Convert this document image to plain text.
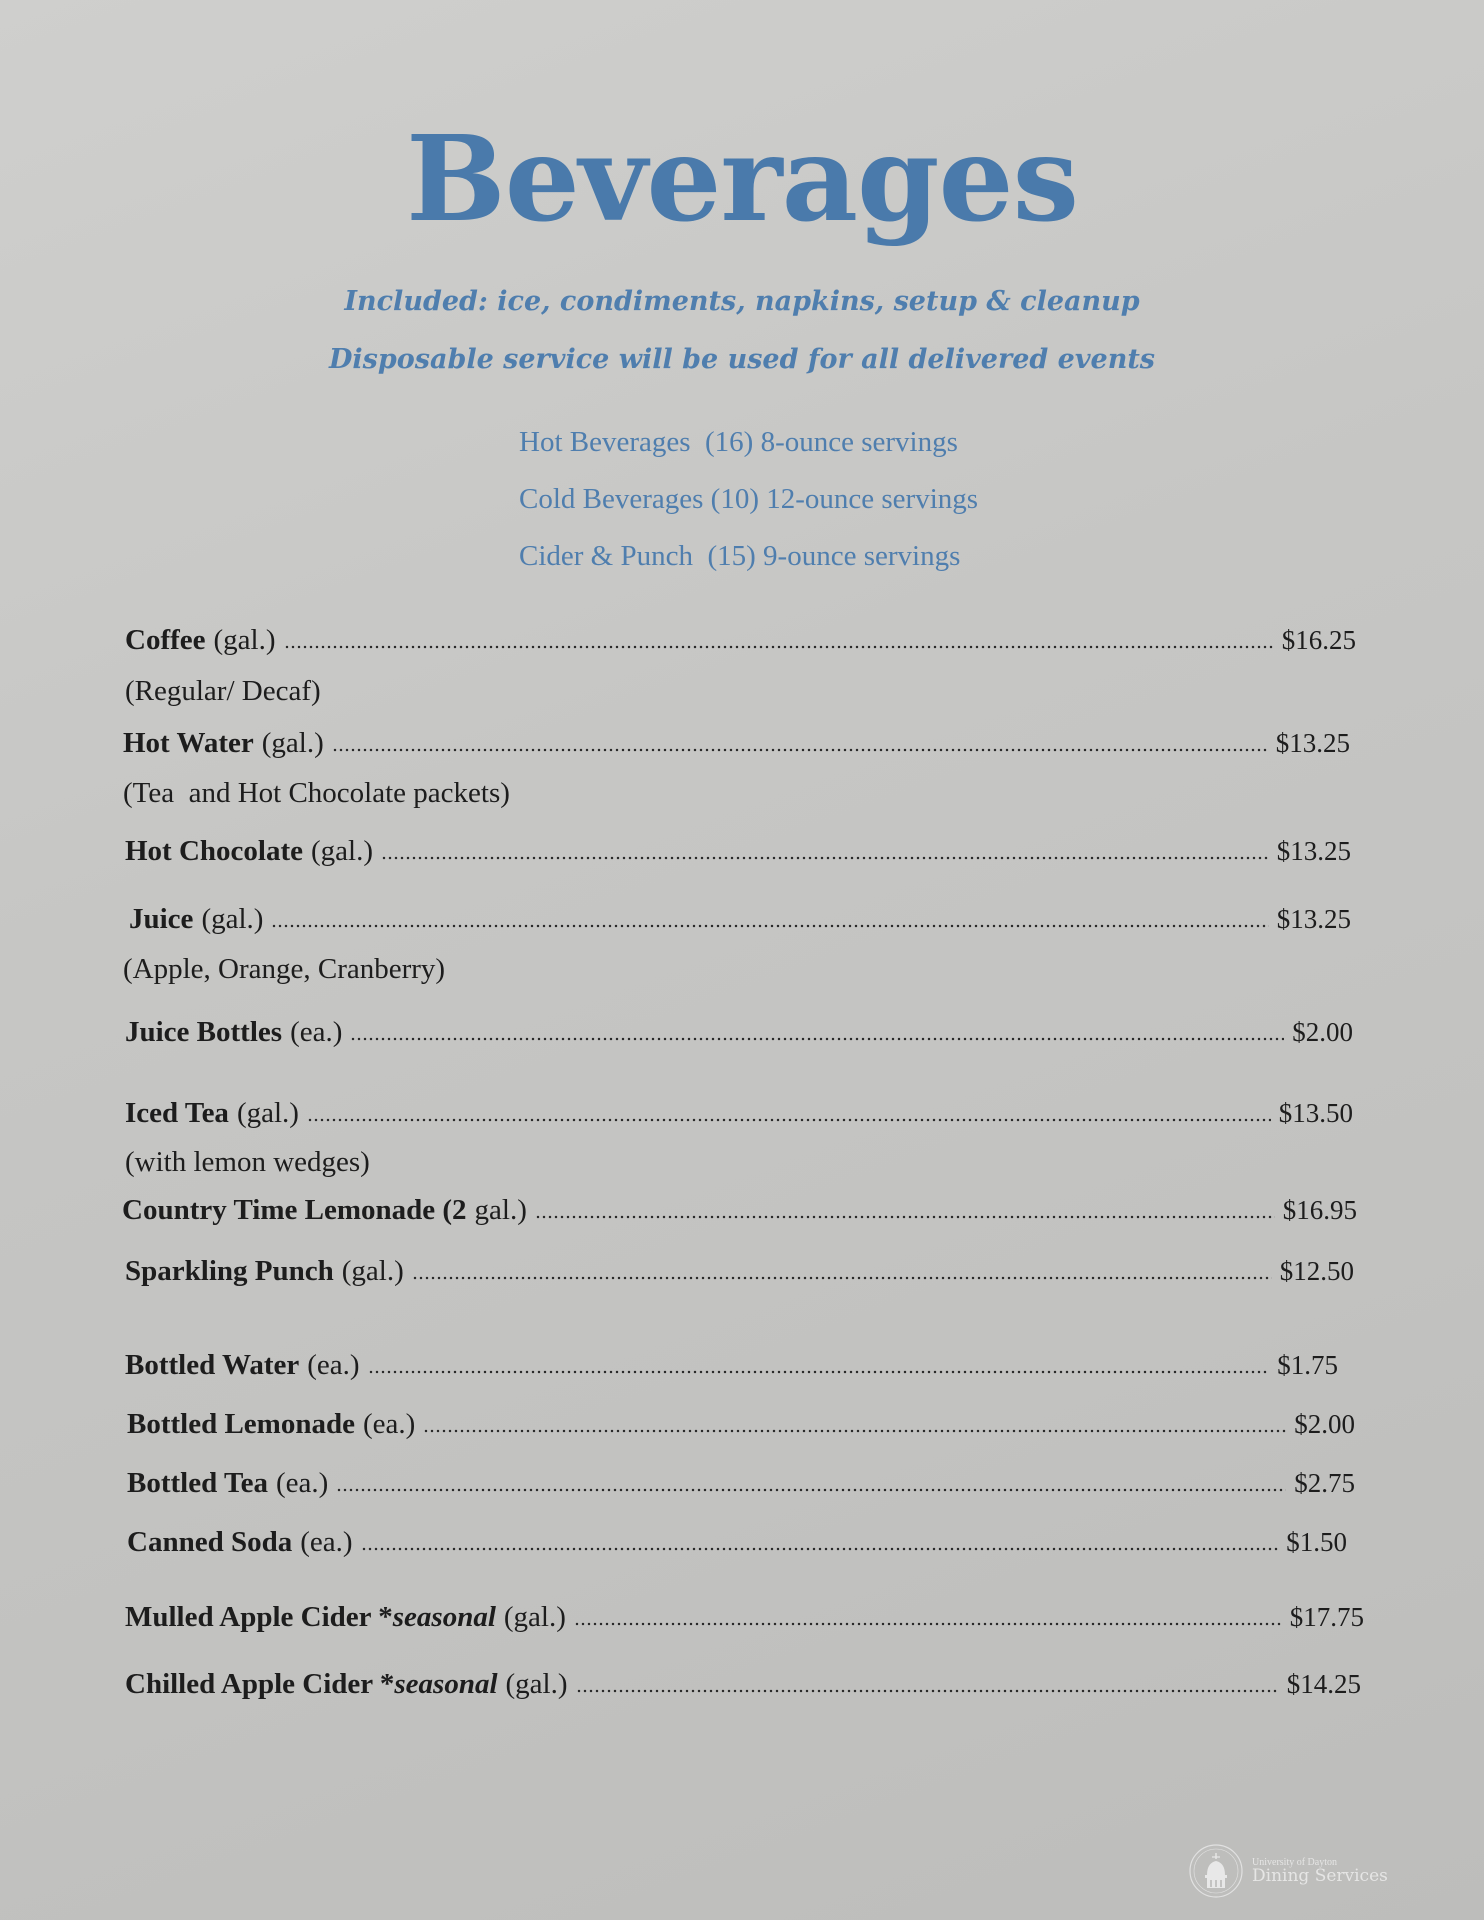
Beverages
Included: ice, condiments, napkins, setup & cleanup
Disposable service will be used for all delivered events
Hot Beverages  (16) 8-ounce servings
Cold Beverages (10) 12-ounce servings
Cider & Punch  (15) 9-ounce servings
Coffee (gal.)	$16.25
(Regular/ Decaf)
Hot Water (gal.)	$13.25
(Tea  and Hot Chocolate packets)
Hot Chocolate (gal.)	$13.25
Juice (gal.)	$13.25
(Apple, Orange, Cranberry)
Juice Bottles (ea.)	$2.00
Iced Tea (gal.)	$13.50
(with lemon wedges)
Country Time Lemonade (2 gal.)	$16.95
Sparkling Punch (gal.)	$12.50
Bottled Water (ea.)	$1.75
Bottled Lemonade (ea.)	$2.00
Bottled Tea (ea.)	$2.75
Canned Soda (ea.)	$1.50
Mulled Apple Cider * seasonal (gal.)	$17.75
Chilled Apple Cider * seasonal (gal.)	$14.25
University of Dayton
Dining Services
